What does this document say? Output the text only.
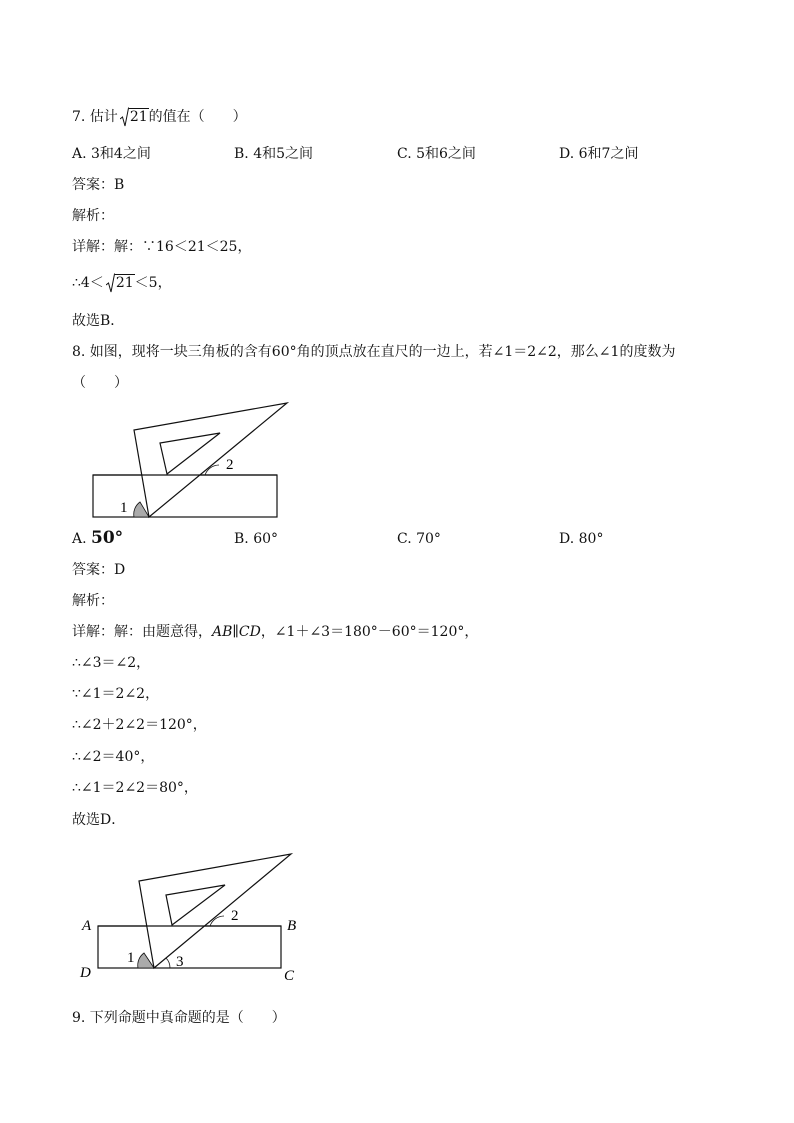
7. 估计 21的值在（　　）
A. 3和4之间	B. 4和5之间	C. 5和6之间	D. 6和7之间
答案：B
解析：
详解：解：∵16＜21＜25，
∴4＜ 21＜5，
故选B．
8. 如图，现将一块三角板的含有60°角的顶点放在直尺的一边上，若∠1＝2∠2，那么∠1的度数为
（　　）
1
2
A. 50°	B. 60°	C. 70°	D. 80°
答案：D
解析：
详解：解：由题意得，AB∥CD，∠1＋∠3＝180°－60°＝120°，
∴∠3＝∠2，
∵∠1＝2∠2，
∴∠2＋2∠2＝120°，
∴∠2＝40°，
∴∠1＝2∠2＝80°，
故选D．
A	B
C
D
1
2
3
9. 下列命题中真命题的是（　　）
